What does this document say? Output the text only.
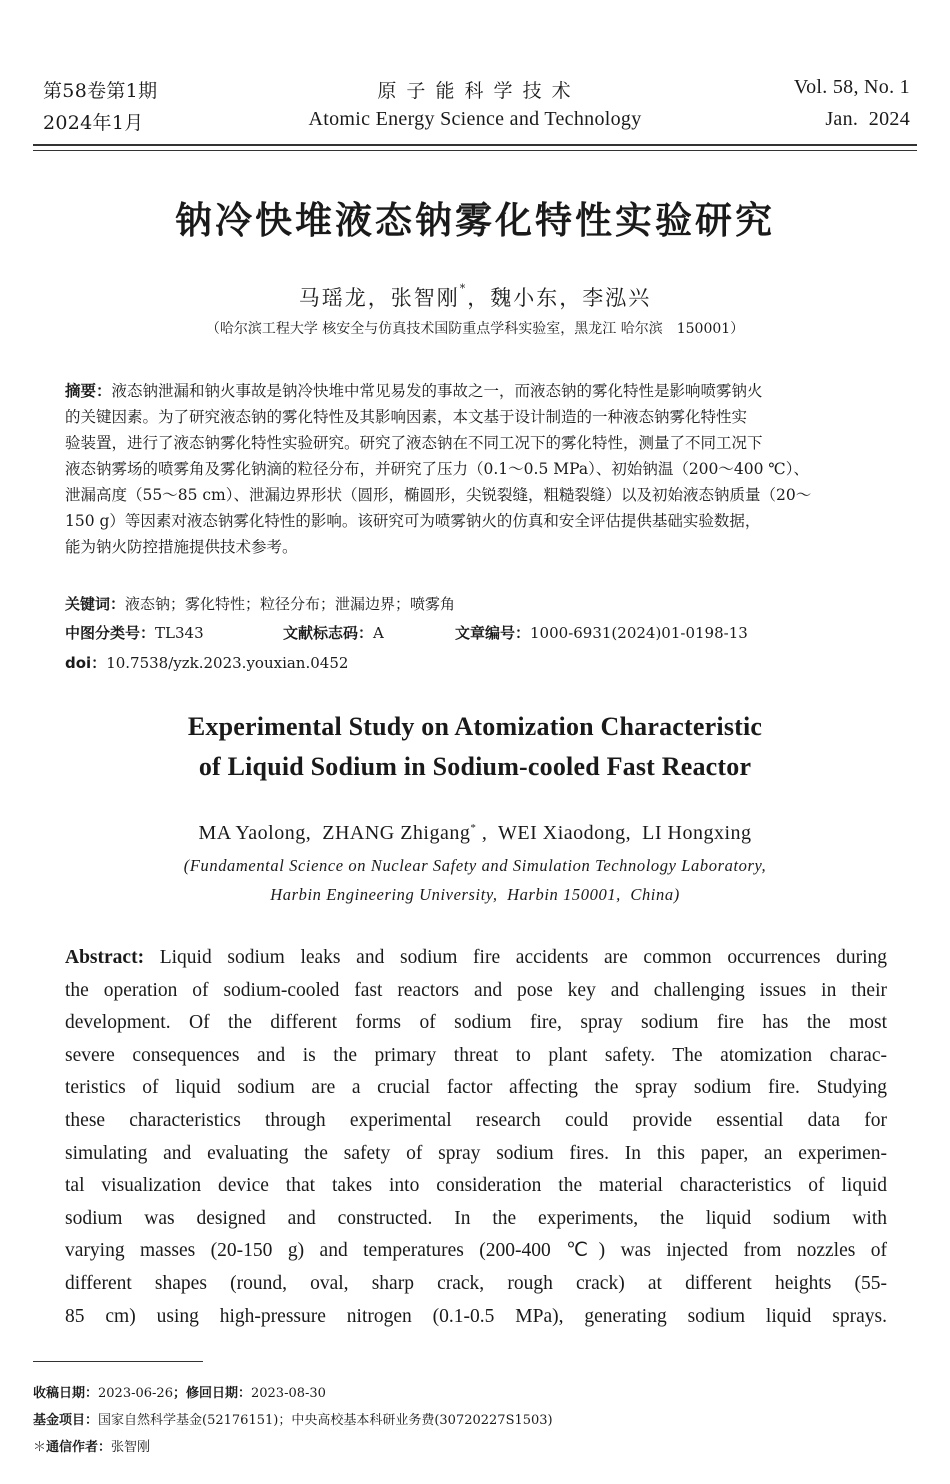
第58卷第1期
2024年1月
原 子 能 科 学 技 术
Atomic Energy Science and Technology
Vol. 58, No. 1
Jan.  2024
钠冷快堆液态钠雾化特性实验研究
马瑶龙，张智刚*，魏小东，李泓兴
（哈尔滨工程大学 核安全与仿真技术国防重点学科实验室，黑龙江 哈尔滨　150001）
摘要：液态钠泄漏和钠火事故是钠冷快堆中常见易发的事故之一，而液态钠的雾化特性是影响喷雾钠火
的关键因素。为了研究液态钠的雾化特性及其影响因素，本文基于设计制造的一种液态钠雾化特性实
验装置，进行了液态钠雾化特性实验研究。研究了液态钠在不同工况下的雾化特性，测量了不同工况下
液态钠雾场的喷雾角及雾化钠滴的粒径分布，并研究了压力（0.1～0.5 MPa）、初始钠温（200～400 ℃）、
泄漏高度（55～85 cm）、泄漏边界形状（圆形，椭圆形，尖锐裂缝，粗糙裂缝）以及初始液态钠质量（20～
150 g）等因素对液态钠雾化特性的影响。该研究可为喷雾钠火的仿真和安全评估提供基础实验数据，
能为钠火防控措施提供技术参考。
关键词：液态钠；雾化特性；粒径分布；泄漏边界；喷雾角
中图分类号：TL343	文献标志码：A	文章编号：1000-6931(2024)01-0198-13
doi：10.7538/yzk.2023.youxian.0452
Experimental Study on Atomization Characteristic
of Liquid Sodium in Sodium-cooled Fast Reactor
MA Yaolong,  ZHANG Zhigang* ,  WEI Xiaodong,  LI Hongxing
(Fundamental Science on Nuclear Safety and Simulation Technology Laboratory,
Harbin Engineering University,  Harbin 150001,  China)
Abstract: Liquid sodium leaks and sodium fire accidents are common occurrences during
the operation of sodium-cooled fast reactors and pose key and challenging issues in their
development. Of the different forms of sodium fire, spray sodium fire has the most
severe consequences and is the primary threat to plant safety. The atomization charac-
teristics of liquid sodium are a crucial factor affecting the spray sodium fire. Studying
these characteristics through experimental research could provide essential data for
simulating and evaluating the safety of spray sodium fires. In this paper, an experimen-
tal visualization device that takes into consideration the material characteristics of liquid
sodium was designed and constructed. In the experiments, the liquid sodium with
varying masses (20-150 g) and temperatures (200-400 ℃) was injected from nozzles of
different shapes (round, oval, sharp crack, rough crack) at different heights (55-
85 cm) using high-pressure nitrogen (0.1-0.5 MPa), generating sodium liquid sprays.
收稿日期：2023-06-26；修回日期：2023-08-30
基金项目：国家自然科学基金(52176151)；中央高校基本科研业务费(30720227S1503)
＊通信作者：张智刚
